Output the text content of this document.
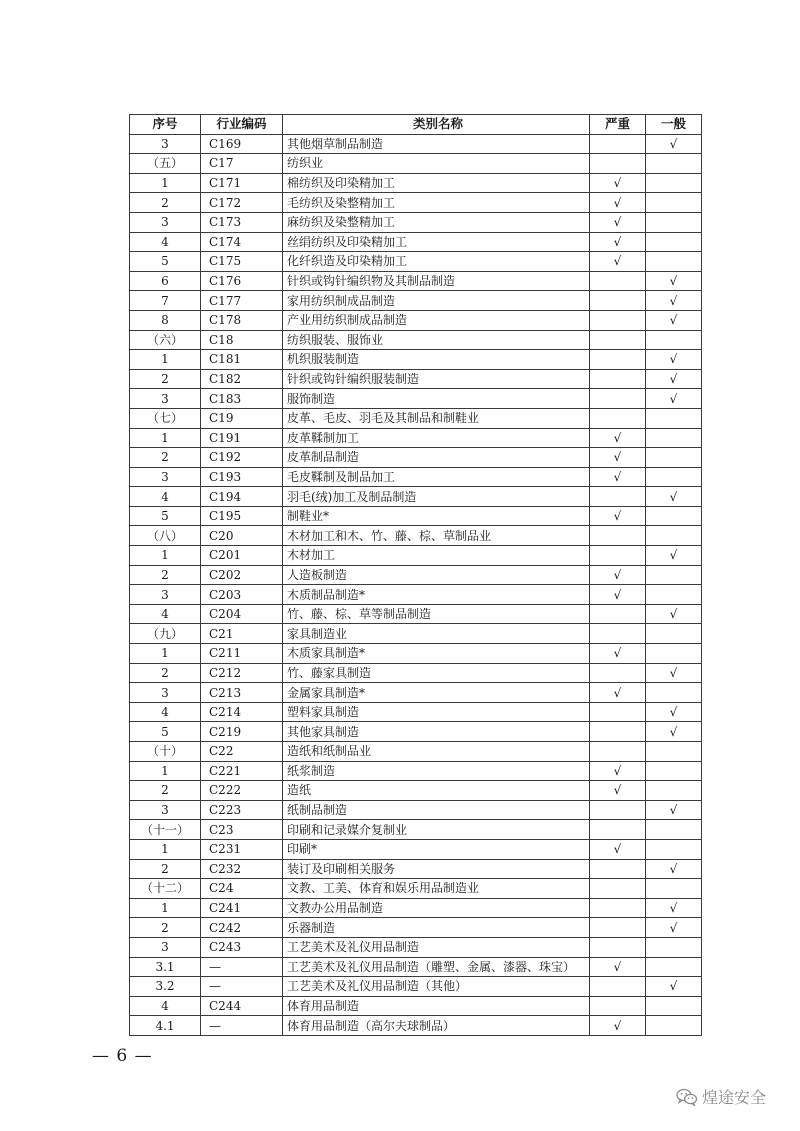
序号	行业编码	类别名称	严重	一般
3	C169	其他烟草制品制造		√
（五）	C17	纺织业		
1	C171	棉纺织及印染精加工	√	
2	C172	毛纺织及染整精加工	√	
3	C173	麻纺织及染整精加工	√	
4	C174	丝绢纺织及印染精加工	√	
5	C175	化纤织造及印染精加工	√	
6	C176	针织或钩针编织物及其制品制造		√
7	C177	家用纺织制成品制造		√
8	C178	产业用纺织制成品制造		√
（六）	C18	纺织服装、服饰业		
1	C181	机织服装制造		√
2	C182	针织或钩针编织服装制造		√
3	C183	服饰制造		√
（七）	C19	皮革、毛皮、羽毛及其制品和制鞋业		
1	C191	皮革鞣制加工	√	
2	C192	皮革制品制造	√	
3	C193	毛皮鞣制及制品加工	√	
4	C194	羽毛(绒)加工及制品制造		√
5	C195	制鞋业*	√	
（八）	C20	木材加工和木、竹、藤、棕、草制品业		
1	C201	木材加工		√
2	C202	人造板制造	√	
3	C203	木质制品制造*	√	
4	C204	竹、藤、棕、草等制品制造		√
（九）	C21	家具制造业		
1	C211	木质家具制造*	√	
2	C212	竹、藤家具制造		√
3	C213	金属家具制造*	√	
4	C214	塑料家具制造		√
5	C219	其他家具制造		√
（十）	C22	造纸和纸制品业		
1	C221	纸浆制造	√	
2	C222	造纸	√	
3	C223	纸制品制造		√
（十一）	C23	印刷和记录媒介复制业		
1	C231	印刷*	√	
2	C232	装订及印刷相关服务		√
（十二）	C24	文教、工美、体育和娱乐用品制造业		
1	C241	文教办公用品制造		√
2	C242	乐器制造		√
3	C243	工艺美术及礼仪用品制造		
3.1	—	工艺美术及礼仪用品制造（雕塑、金属、漆器、珠宝）	√	
3.2	—	工艺美术及礼仪用品制造（其他）		√
4	C244	体育用品制造		
4.1	—	体育用品制造（高尔夫球制品）	√	
— 6 —
煌途安全
